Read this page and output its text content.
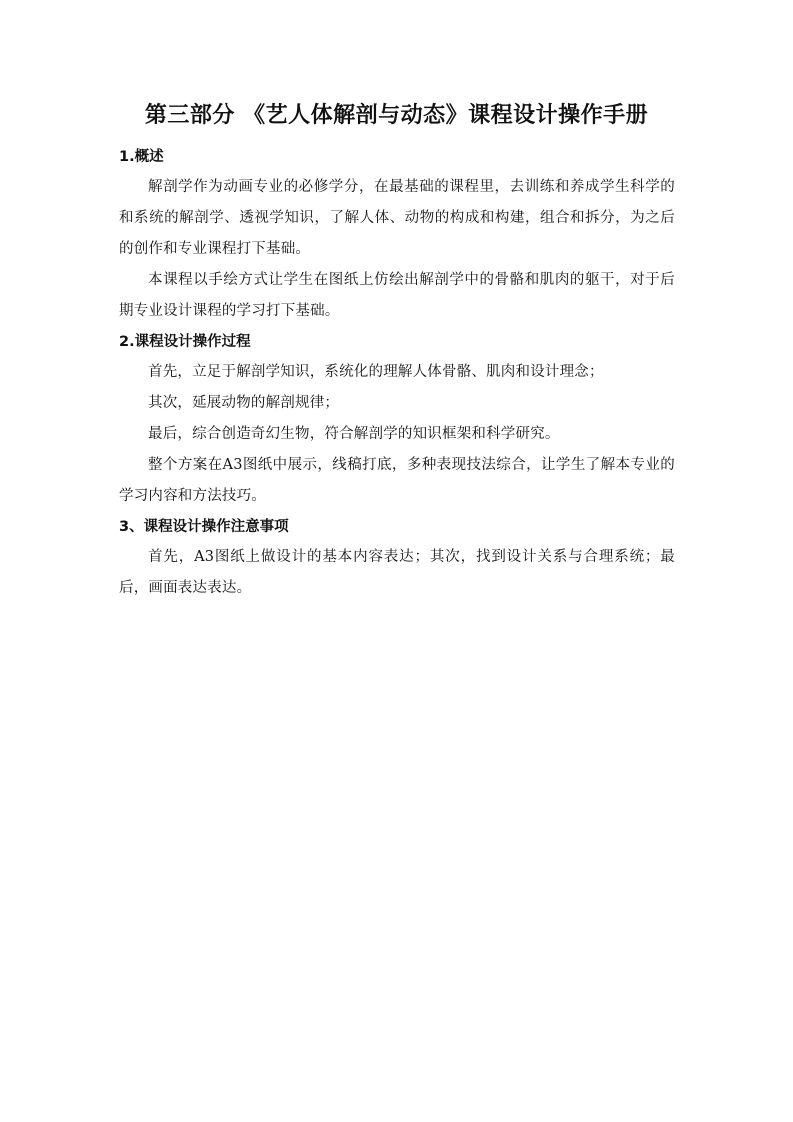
第三部分 《艺人体解剖与动态》课程设计操作手册

1.概述

解剖学作为动画专业的必修学分，在最基础的课程里，去训练和养成学生科学的和系统的解剖学、透视学知识，了解人体、动物的构成和构建，组合和拆分，为之后的创作和专业课程打下基础。

本课程以手绘方式让学生在图纸上仿绘出解剖学中的骨骼和肌肉的躯干，对于后期专业设计课程的学习打下基础。

2.课程设计操作过程

首先，立足于解剖学知识，系统化的理解人体骨骼、肌肉和设计理念；

其次，延展动物的解剖规律；

最后，综合创造奇幻生物，符合解剖学的知识框架和科学研究。

整个方案在A3图纸中展示，线稿打底，多种表现技法综合，让学生了解本专业的学习内容和方法技巧。

3、课程设计操作注意事项

首先，A3图纸上做设计的基本内容表达；其次，找到设计关系与合理系统；最后，画面表达表达。
